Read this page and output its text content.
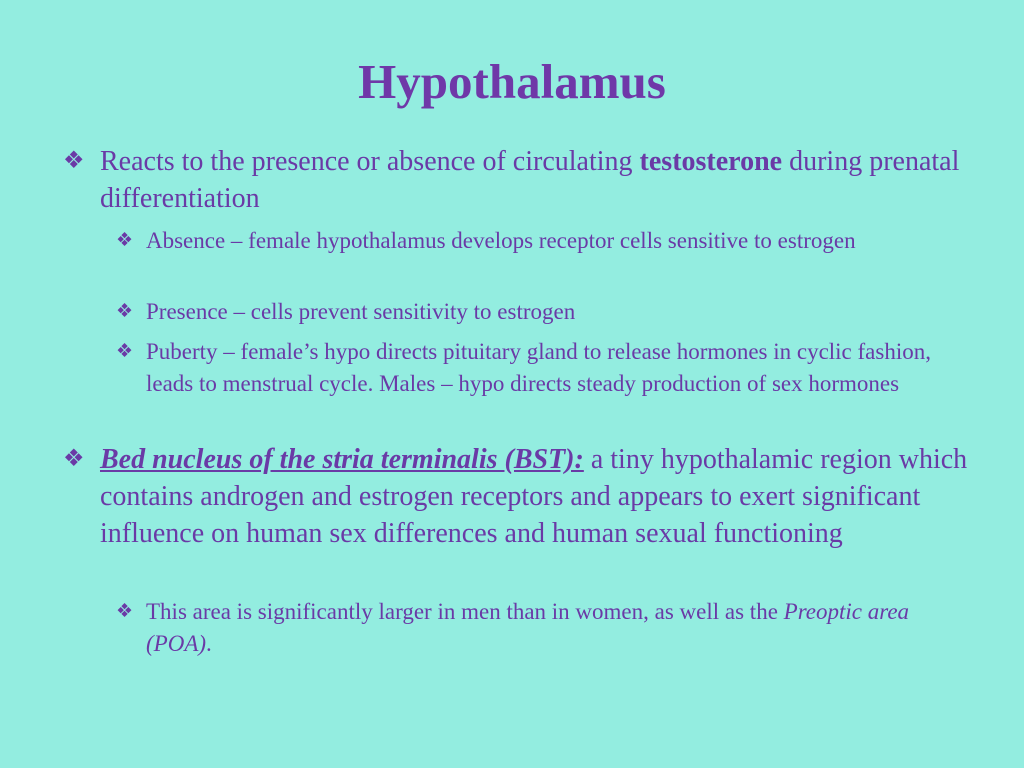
Hypothalamus
❖ Reacts to the presence or absence of circulating testosterone during prenatal differentiation
❖ Absence – female hypothalamus develops receptor cells sensitive to estrogen
❖ Presence – cells prevent sensitivity to estrogen
❖ Puberty – female’s hypo directs pituitary gland to release hormones in cyclic fashion, leads to menstrual cycle. Males – hypo directs steady production of sex hormones
❖ Bed nucleus of the stria terminalis (BST): a tiny hypothalamic region which contains androgen and estrogen receptors and appears to exert significant influence on human sex differences and human sexual functioning
❖ This area is significantly larger in men than in women, as well as the Preoptic area (POA).
